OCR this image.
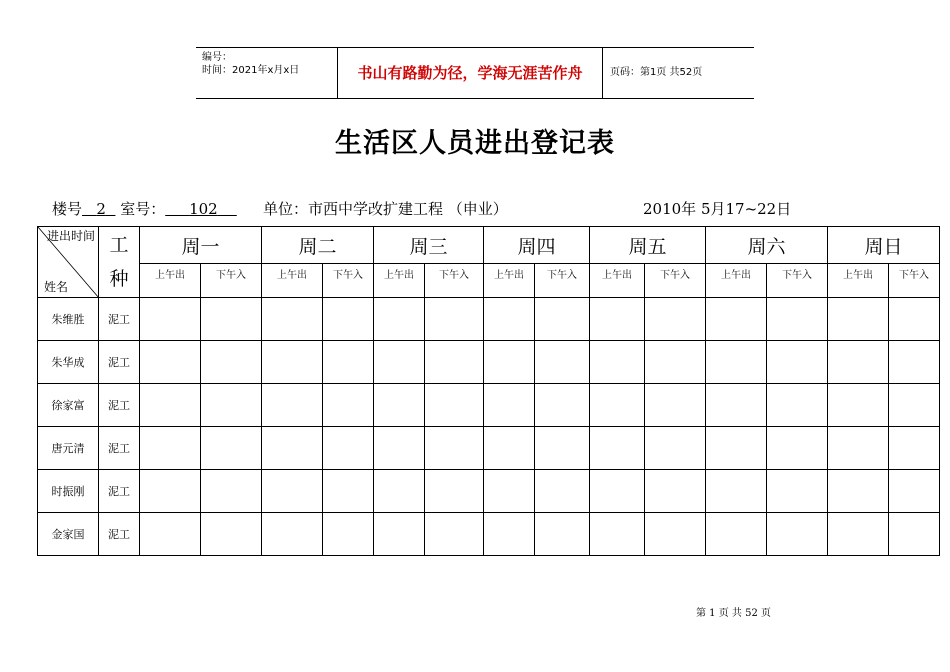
编号：
时间：2021年x月x日	书山有路勤为径，学海无涯苦作舟	页码：第1页 共52页
生活区人员进出登记表
楼号 2 室号： 102	单位：市西中学改扩建工程 （申业）	2010年 5月17~22日
进出时间
姓名	工种	周一		周二		周三		周四		周五		周六		周日	
		上午出	下午入	上午出	下午入	上午出	下午入	上午出	下午入	上午出	下午入	上午出	下午入	上午出	下午入
朱维胜	泥工														
朱华成	泥工														
徐家富	泥工														
唐元清	泥工														
时振刚	泥工														
金家国	泥工														
第 1 页 共 52 页
